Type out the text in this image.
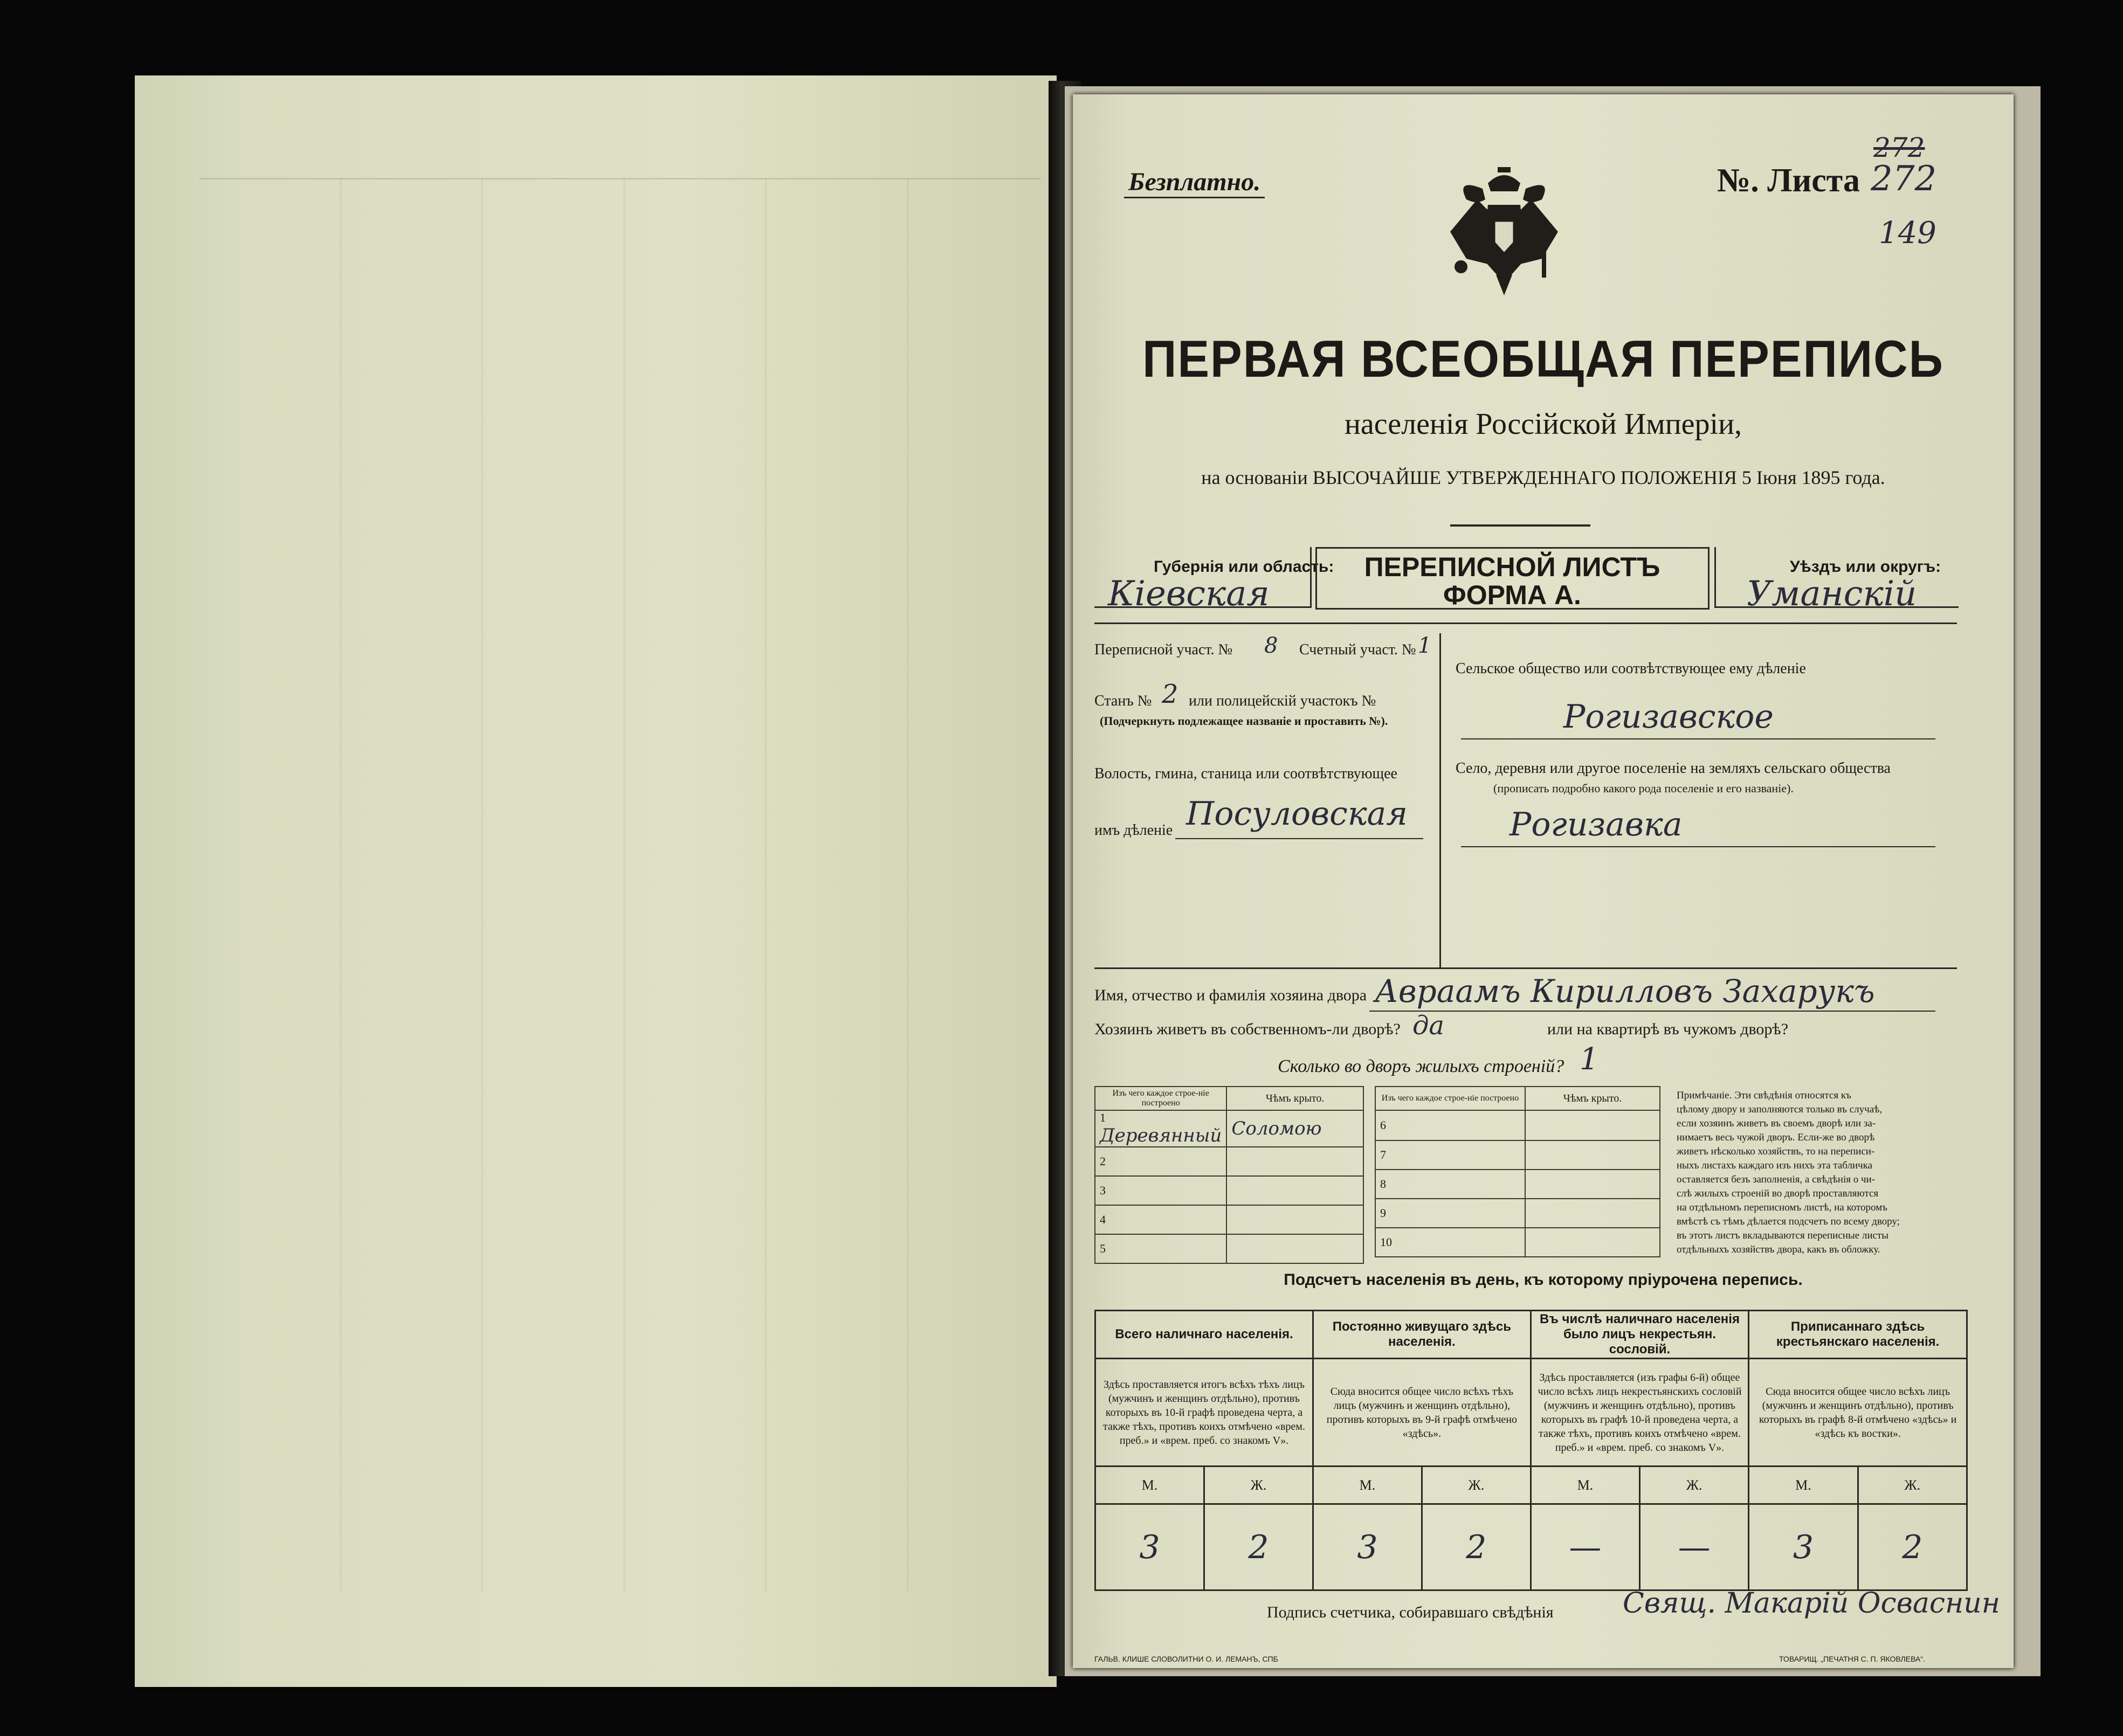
Безплатно.	№. Листа
272
272
149
ПЕРВАЯ ВСЕОБЩАЯ ПЕРЕПИСЬ
населенія Россійской Имперіи,
на основаніи ВЫСОЧАЙШЕ УТВЕРЖДЕННАГО ПОЛОЖЕНІЯ 5 Іюня 1895 года.
Губернія или область:
Кіевская
ПЕРЕПИСНОЙ ЛИСТЪ
ФОРМА А.
Уѣздъ или округъ:
Уманскій
Переписной участ. № 8 Счетный участ. № 1
Станъ № 2 или полицейскій участокъ №
(Подчеркнуть подлежащее названіе и проставить №).
Волость, гмина, станица или соотвѣтствующее
имъ дѣленіе Посуловская
Сельское общество или соотвѣтствующее ему дѣленіе
Рогизавское
Село, деревня или другое поселеніе на земляхъ сельскаго общества
(прописать подробно какого рода поселеніе и его названіе).
Рогизавка
Имя, отчество и фамилія хозяина двора Авраамъ Кирилловъ Захарукъ
Хозяинъ живетъ въ собственномъ-ли дворѣ? да	или на квартирѣ въ чужомъ дворѣ?
Сколько во дворъ жилыхъ строеній? 1
Изъ чего каждое строе-ніе построено	Чѣмъ крыто.
1 Деревянный	Соломою
2	
3	
4	
5	
Изъ чего каждое строе-ніе построено	Чѣмъ крыто.
6	
7	
8	
9	
10	
Примѣчаніе. Эти свѣдѣнія относятся къ
цѣлому двору и заполняются только въ случаѣ,
если хозяинъ живетъ въ своемъ дворѣ или за-
нимаетъ весь чужой дворъ. Если-же во дворѣ
живетъ нѣсколько хозяйствъ, то на переписи-
ныхъ листахъ каждаго изъ нихъ эта табличка
оставляется безъ заполненія, а свѣдѣнія о чи-
слѣ жилыхъ строеній во дворѣ проставляются
на отдѣльномъ переписномъ листѣ, на которомъ
вмѣстѣ съ тѣмъ дѣлается подсчетъ по всему двору;
въ этотъ листъ вкладываются переписные листы
отдѣльныхъ хозяйствъ двора, какъ въ обложку.
Подсчетъ населенія въ день, къ которому пріурочена перепись.
Всего наличнаго населенія.		Постоянно живущаго здѣсь населенія.		Въ числѣ наличнаго населенія было лицъ некрестьян. сословій.		Приписаннаго здѣсь крестьянскаго населенія.	
Здѣсь проставляется итогъ всѣхъ тѣхъ лицъ (мужчинъ и женщинъ отдѣльно), противъ которыхъ въ 10-й графѣ проведена черта, а также тѣхъ, противъ коихъ отмѣчено «врем. преб.» и «врем. преб. со знакомъ V».		Сюда вносится общее число всѣхъ тѣхъ лицъ (мужчинъ и женщинъ отдѣльно), противъ которыхъ въ 9-й графѣ отмѣчено «здѣсь».		Здѣсь проставляется (изъ графы 6-й) общее число всѣхъ лицъ некрестьянскихъ сословій (мужчинъ и женщинъ отдѣльно), противъ которыхъ въ графѣ 10-й проведена черта, а также тѣхъ, противъ коихъ отмѣчено «врем. преб.» и «врем. преб. со знакомъ V».		Сюда вносится общее число всѣхъ лицъ (мужчинъ и женщинъ отдѣльно), противъ которыхъ въ графѣ 8-й отмѣчено «здѣсь» и «здѣсь къ востки».	
М.	Ж.	М.	Ж.	М.	Ж.	М.	Ж.
3	2	3	2	—	—	3	2
Подпись счетчика, собиравшаго свѣдѣнія Свящ. Макарій Осваснин
ГАЛЬВ. КЛИШЕ СЛОВОЛИТНИ О. И. ЛЕМАНЪ, СПБ	ТОВАРИЩ. „ПЕЧАТНЯ С. П. ЯКОВЛЕВА“.
